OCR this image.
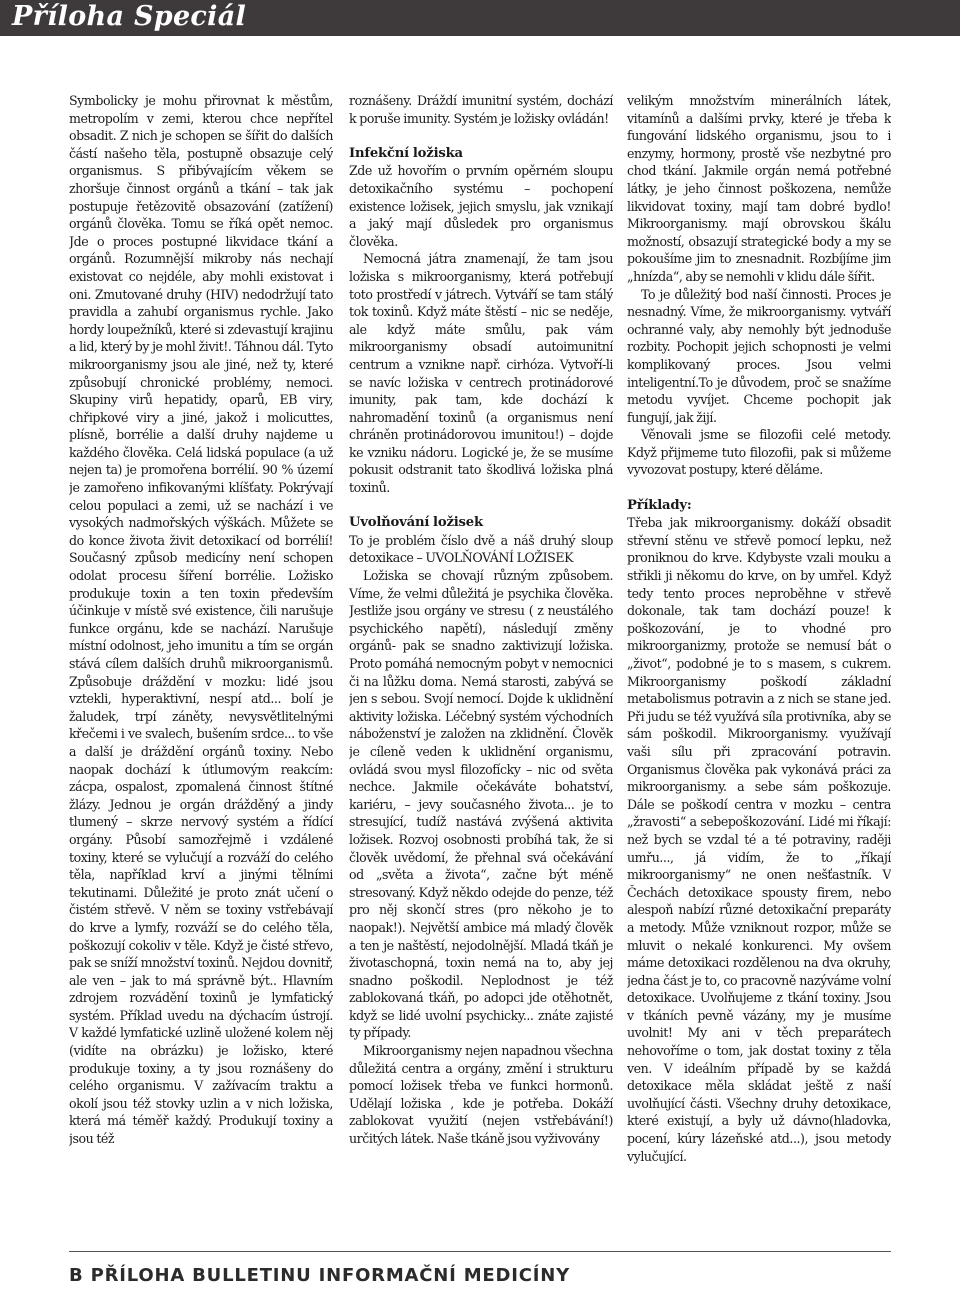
Příloha Speciál

Symbolicky je mohu přirovnat k městům, metropolím v zemi, kterou chce nepřítel obsadit. Z nich je schopen se šířit do dalších částí našeho těla, postupně obsazuje celý organismus. S přibývajícím věkem se zhoršuje činnost orgánů a tkání – tak jak postupuje řetězovitě obsazování (zatížení) orgánů člověka. Tomu se říká opět nemoc. Jde o proces postupné likvidace tkání a orgánů. Rozumnější mikroby nás nechají existovat co nejdéle, aby mohli existovat i oni. Zmutované druhy (HIV) nedodržují tato pravidla a zahubí organismus rychle. Jako hordy loupežníků, které si zdevastují krajinu a lid, který by je mohl živit!. Táhnou dál. Tyto mikroorganismy jsou ale jiné, než ty, které způsobují chronické problémy, nemoci. Skupiny virů hepatidy, oparů, EB viry, chřipkové viry a jiné, jakož i molicuttes, plísně, borrélie a další druhy najdeme u každého člověka. Celá lidská populace (a už nejen ta) je promořena borrélií. 90 % území je zamořeno infikovanými klíšťaty. Pokrývají celou populaci a zemi, už se nachází i ve vysokých nadmořských výškách. Můžete se do konce života živit detoxikací od borrélií! Současný způsob medicíny není schopen odolat procesu šíření borrélie. Ložisko produkuje toxin a ten toxin především účinkuje v místě své existence, čili narušuje funkce orgánu, kde se nachází. Narušuje místní odolnost, jeho imunitu a tím se orgán stává cílem dalších druhů mikroorganismů. Způsobuje dráždění v mozku: lidé jsou vztekli, hyperaktivní, nespí atd... bolí je žaludek, trpí záněty, nevysvětlitelnými křečemi i ve svalech, bušením srdce... to vše a další je dráždění orgánů toxiny. Nebo naopak dochází k útlumovým reakcím: zácpa, ospalost, zpomalená činnost štítné žlázy. Jednou je orgán drážděný a jindy tlumený – skrze nervový systém a řídící orgány. Působí samozřejmě i vzdálené toxiny, které se vylučují a rozváží do celého těla, například krví a jinými tělními tekutinami. Důležité je proto znát učení o čistém střevě. V něm se toxiny vstřebávají do krve a lymfy, rozváží se do celého těla, poškozují cokoliv v těle. Když je čisté střevo, pak se sníží množství toxinů. Nejdou dovnitř, ale ven – jak to má správně být.. Hlavním zdrojem rozvádění toxinů je lymfatický systém. Příklad uvedu na dýchacím ústrojí. V každé lymfatické uzlině uložené kolem něj (vidíte na obrázku) je ložisko, které produkuje toxiny, a ty jsou roznášeny do celého organismu. V zažívacím traktu a okolí jsou též stovky uzlin a v nich ložiska, která má téměř každý. Produkují toxiny a jsou též

roznášeny. Dráždí imunitní systém, dochází k poruše imunity. Systém je ložisky ovládán!

Infekční ložiska

Zde už hovořím o prvním opěrném sloupu detoxikačního systému – pochopení existence ložisek, jejich smyslu, jak vznikají a jaký mají důsledek pro organismus člověka.

Nemocná játra znamenají, že tam jsou ložiska s mikroorganismy, která potřebují toto prostředí v játrech. Vytváří se tam stálý tok toxinů. Když máte štěstí – nic se neděje, ale když máte smůlu, pak vám mikroorganismy obsadí autoimunitní centrum a vznikne např. cirhóza. Vytvoří-li se navíc ložiska v centrech protinádorové imunity, pak tam, kde dochází k nahromadění toxinů (a organismus není chráněn protinádorovou imunitou!) – dojde ke vzniku nádoru. Logické je, že se musíme pokusit odstranit tato škodlivá ložiska plná toxinů.

Uvolňování ložisek

To je problém číslo dvě a náš druhý sloup detoxikace – UVOLŇOVÁNÍ LOŽISEK

Ložiska se chovají různým způsobem. Víme, že velmi důležitá je psychika člověka. Jestliže jsou orgány ve stresu ( z neustálého psychického napětí), následují změny orgánů- pak se snadno zaktivizují ložiska. Proto pomáhá nemocným pobyt v nemocnici či na lůžku doma. Nemá starosti, zabývá se jen s sebou. Svojí nemocí. Dojde k uklidnění aktivity ložiska. Léčebný systém východních náboženství je založen na zklidnění. Člověk je cíleně veden k uklidnění organismu, ovládá svou mysl filozofícky – nic od světa nechce. Jakmile očekáváte bohatství, kariéru, – jevy současného života... je to stresující, tudíž nastává zvýšená aktivita ložisek. Rozvoj osobnosti probíhá tak, že si člověk uvědomí, že přehnal svá očekávání od „světa a života“, začne být méně stresovaný. Když někdo odejde do penze, též pro něj skončí stres (pro někoho je to naopak!). Největší ambice má mladý člověk a ten je naštěstí, nejodolnější. Mladá tkáň je životaschopná, toxin nemá na to, aby jej snadno poškodil. Neplodnost je též zablokovaná tkáň, po adopci jde otěhotnět, když se lidé uvolní psychicky... znáte zajisté ty případy.

Mikroorganismy nejen napadnou všechna důležitá centra a orgány, změní i strukturu pomocí ložisek třeba ve funkci hormonů. Udělají ložiska , kde je potřeba. Dokáží zablokovat využití (nejen vstřebávání!) určitých látek. Naše tkáně jsou vyživovány

velikým množstvím minerálních látek, vitamínů a dalšími prvky, které je třeba k fungování lidského organismu, jsou to i enzymy, hormony, prostě vše nezbytné pro chod tkání. Jakmile orgán nemá potřebné látky, je jeho činnost poškozena, nemůže likvidovat toxiny, mají tam dobré bydlo! Mikroorganismy. mají obrovskou škálu možností, obsazují strategické body a my se pokoušíme jim to znesnadnit. Rozbíjíme jim „hnízda“, aby se nemohli v klidu dále šířit.

To je důležitý bod naší činnosti. Proces je nesnadný. Víme, že mikroorganismy. vytváří ochranné valy, aby nemohly být jednoduše rozbity. Pochopit jejich schopnosti je velmi komplikovaný proces. Jsou velmi inteligentní.To je důvodem, proč se snažíme metodu vyvíjet. Chceme pochopit jak fungují, jak žijí.

Věnovali jsme se filozofii celé metody. Když přijmeme tuto filozofii, pak si můžeme vyvozovat postupy, které děláme.

Příklady:

Třeba jak mikroorganismy. dokáží obsadit střevní stěnu ve střevě pomocí lepku, než proniknou do krve. Kdybyste vzali mouku a střikli ji někomu do krve, on by umřel. Když tedy tento proces neproběhne v střevě dokonale, tak tam dochází pouze! k poškozování, je to vhodné pro mikroorganizmy, protože se nemusí bát o „život“, podobné je to s masem, s cukrem. Mikroorganismy poškodí základní metabolismus potravin a z nich se stane jed. Při judu se též využívá síla protivníka, aby se sám poškodil. Mikroorganismy. využívají vaši sílu při zpracování potravin. Organismus člověka pak vykonává práci za mikroorganismy. a sebe sám poškozuje. Dále se poškodí centra v mozku – centra „žravosti“ a sebepoškozování. Lidé mi říkají: než bych se vzdal té a té potraviny, raději umřu..., já vidím, že to „říkají mikroorganismy“ ne onen nešťastník. V Čechách detoxikace spousty firem, nebo alespoň nabízí různé detoxikační preparáty a metody. Může vzniknout rozpor, může se mluvit o nekalé konkurenci. My ovšem máme detoxikaci rozdělenou na dva okruhy, jedna část je to, co pracovně nazýváme volní detoxikace. Uvolňujeme z tkání toxiny. Jsou v tkáních pevně vázány, my je musíme uvolnit! My ani v těch preparátech nehovoříme o tom, jak dostat toxiny z těla ven. V ideálním případě by se každá detoxikace měla skládat ještě z naší uvolňující části. Všechny druhy detoxikace, které existují, a byly už dávno(hladovka, pocení, kúry lázeňské atd...), jsou metody vylučující.

B PŘÍLOHA BULLETINU INFORMAČNÍ MEDICÍNY
